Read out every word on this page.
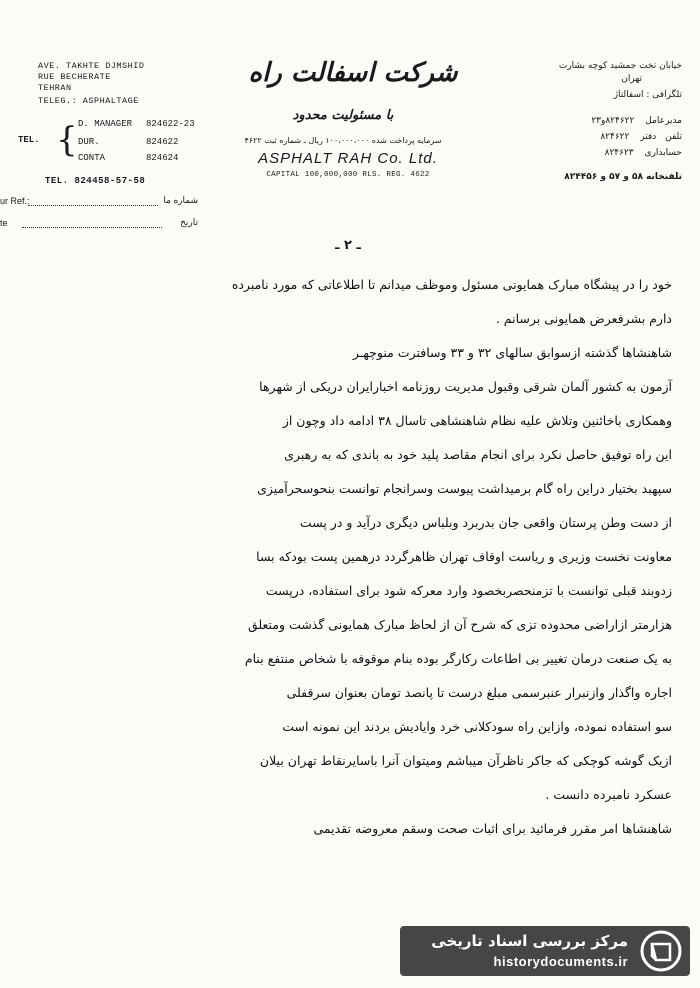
AVE. TAKHTE DJMSHID
RUE BECHERATE
TEHRAN
TELEG.: ASPHALTAGE
TEL. { D. MANAGER 824622-23
DUR.	824622
CONTA	824624
TEL. 824458-57-58
ur Ref.:	شماره ما
te	تاریخ
شرکت اسفالت راه
با مسئولیت محدود
سرمایه پرداخت شده ۱۰۰،۰۰۰،۰۰۰ ریال ـ شماره ثبت ۴۶۲۲
ASPHALT RAH Co. Ltd.
CAPITAL 100,000,000 RLS. REG. 4622
خیابان تخت جمشید کوچه بشارت
تهران
تلگرافی : اسفالتاژ
مدیرعامل ۸۲۴۶۲۲و۲۳
تلفن دفتر ۸۲۴۶۲۲
حسابداری ۸۲۴۶۲۳
تلفنخانه ۵۸ و ۵۷ و ۸۲۴۴۵۶
ـ ۲ ـ

خود را در پیشگاه مبارک همایونی مسئول وموظف میدانم تا اطلاعاتی که مورد نامبرده

دارم بشرفعرض همایونی برسانم .

شاهنشاها گذشته ازسوابق سالهای ۳۲ و ۳۳ وسافترت منوچهـر

آزمون به کشور آلمان شرقی وقبول مدیریت روزنامه اخبارایران دریکی از شهرها

وهمکاری باخائنین وتلاش علیه نظام شاهنشاهی تاسال ۳۸ ادامه داد وچون از

این راه توفیق حاصل نکرد برای انجام مقاصد پلید خود به باندی که به رهبری

سپهبد بختیار دراین راه گام برمیداشت پیوست وسرانجام توانست بنحوسحرآمیزی

از دست وطن پرستان واقعی جان بدربرد وبلباس دیگری درآید و در پست

معاونت نخست وزیری و ریاست اوقاف تهران ظاهرگردد درهمین پست بودکه بسا

زدوبند قبلی توانست با تزمنحصربخصود وارد معرکه شود برای استفاده، درپست

هزارمتر ازاراضی محدوده تزی که شرح آن از لحاظ مبارک همایونی گذشت ومتعلق

به یک صنعت درمان تغییر بی اطاعات رکارگر بوده بنام موقوفه با شخاص منتفع بنام

اجاره واگذار وازنبرار عنبرسمی مبلغ درست تا پانصد تومان بعنوان سرقفلی

سو استفاده نموده، وازاین راه سودکلانی خرد وایادیش بردند این نمونه است

ازیک گوشه کوچکی که جاکر ناظرآن میباشم ومیتوان آنرا باسایرنقاط تهران بیلان

عسکرد نامبرده دانست .

شاهنشاها امر مقرر فرمائید برای اثبات صحت وسقم معروضه تقدیمی

مرکز بررسی اسناد تاریخی
historydocuments.ir
